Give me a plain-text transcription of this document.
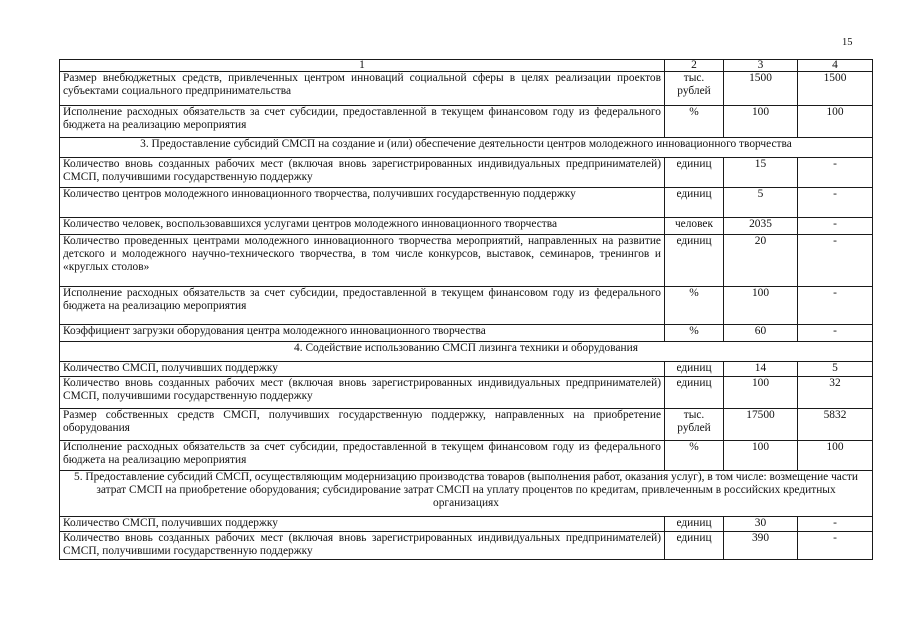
15
1	2	3	4
Размер внебюджетных средств, привлеченных центром инноваций социальной сферы в целях реализации проектов субъектами социального предпринимательства	тыс. рублей	1500	1500
Исполнение расходных обязательств за счет субсидии, предоставленной в текущем финансовом году из федерального бюджета на реализацию мероприятия	%	100	100
3. Предоставление субсидий СМСП на создание и (или) обеспечение деятельности центров молодежного инновационного творчества			
Количество вновь созданных рабочих мест (включая вновь зарегистрированных индивидуальных предпринимателей) СМСП, получившими государственную поддержку	единиц	15	-
Количество центров молодежного инновационного творчества, получивших государственную поддержку	единиц	5	-
Количество человек, воспользовавшихся услугами центров молодежного инновационного творчества	человек	2035	-
Количество проведенных центрами молодежного инновационного творчества мероприятий, направленных на развитие детского и молодежного научно-технического творчества, в том числе конкурсов, выставок, семинаров, тренингов и «круглых столов»	единиц	20	-
Исполнение расходных обязательств за счет субсидии, предоставленной в текущем финансовом году из федерального бюджета на реализацию мероприятия	%	100	-
Коэффициент загрузки оборудования центра молодежного инновационного творчества	%	60	-
4. Содействие использованию СМСП лизинга техники и оборудования			
Количество СМСП, получивших поддержку	единиц	14	5
Количество вновь созданных рабочих мест (включая вновь зарегистрированных индивидуальных предпринимателей) СМСП, получившими государственную поддержку	единиц	100	32
Размер собственных средств СМСП, получивших государственную поддержку, направленных на приобретение оборудования	тыс. рублей	17500	5832
Исполнение расходных обязательств за счет субсидии, предоставленной в текущем финансовом году из федерального бюджета на реализацию мероприятия	%	100	100
5. Предоставление субсидий СМСП, осуществляющим модернизацию производства товаров (выполнения работ, оказания услуг), в том числе: возмещение части затрат СМСП на приобретение оборудования; субсидирование затрат СМСП на уплату процентов по кредитам, привлеченным в российских кредитных организациях			
Количество СМСП, получивших поддержку	единиц	30	-
Количество вновь созданных рабочих мест (включая вновь зарегистрированных индивидуальных предпринимателей) СМСП, получившими государственную поддержку	единиц	390	-
